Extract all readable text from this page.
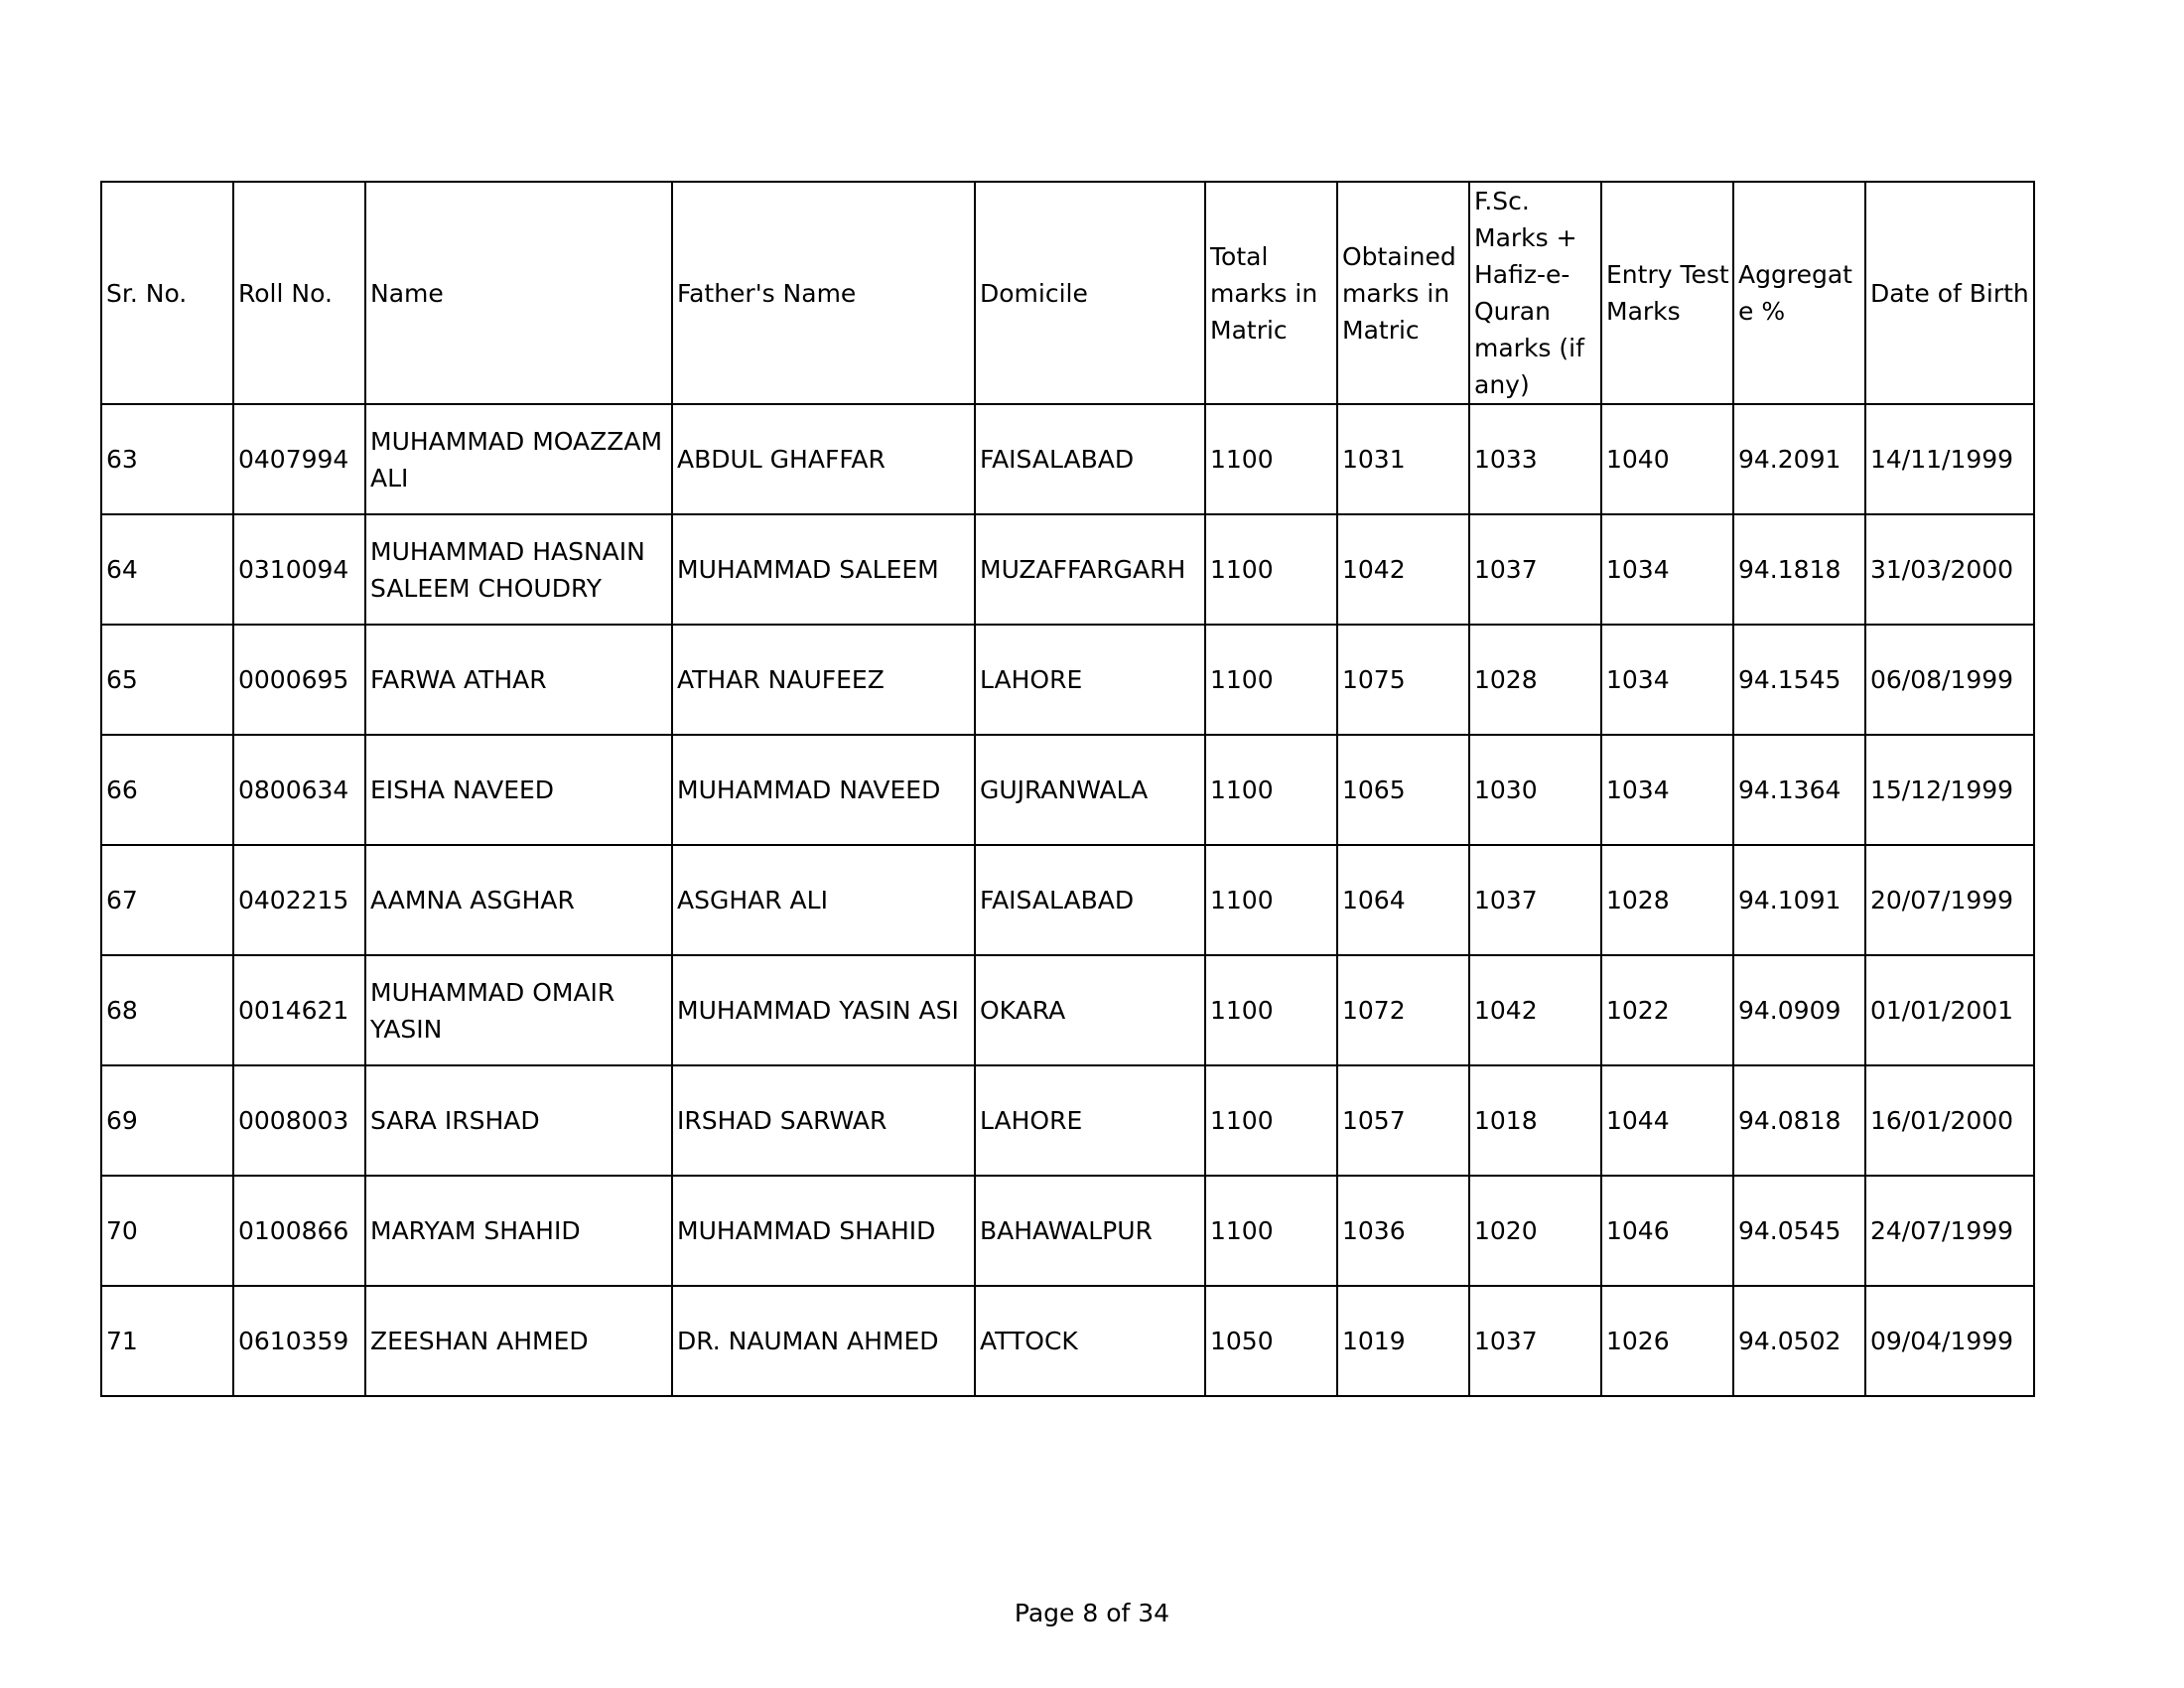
Sr. No.	Roll No.	Name	Father's Name	Domicile	Total marks in Matric	Obtained marks in Matric	F.Sc. Marks + Hafiz-e-Quran marks (if any)	Entry Test Marks	Aggregate %	Date of Birth
63	0407994	MUHAMMAD MOAZZAM ALI	ABDUL GHAFFAR	FAISALABAD	1100	1031	1033	1040	94.2091	14/11/1999
64	0310094	MUHAMMAD HASNAIN SALEEM CHOUDRY	MUHAMMAD SALEEM	MUZAFFARGARH	1100	1042	1037	1034	94.1818	31/03/2000
65	0000695	FARWA ATHAR	ATHAR NAUFEEZ	LAHORE	1100	1075	1028	1034	94.1545	06/08/1999
66	0800634	EISHA NAVEED	MUHAMMAD NAVEED	GUJRANWALA	1100	1065	1030	1034	94.1364	15/12/1999
67	0402215	AAMNA ASGHAR	ASGHAR ALI	FAISALABAD	1100	1064	1037	1028	94.1091	20/07/1999
68	0014621	MUHAMMAD OMAIR YASIN	MUHAMMAD YASIN ASI	OKARA	1100	1072	1042	1022	94.0909	01/01/2001
69	0008003	SARA IRSHAD	IRSHAD SARWAR	LAHORE	1100	1057	1018	1044	94.0818	16/01/2000
70	0100866	MARYAM SHAHID	MUHAMMAD SHAHID	BAHAWALPUR	1100	1036	1020	1046	94.0545	24/07/1999
71	0610359	ZEESHAN AHMED	DR. NAUMAN AHMED	ATTOCK	1050	1019	1037	1026	94.0502	09/04/1999
Page 8 of 34
